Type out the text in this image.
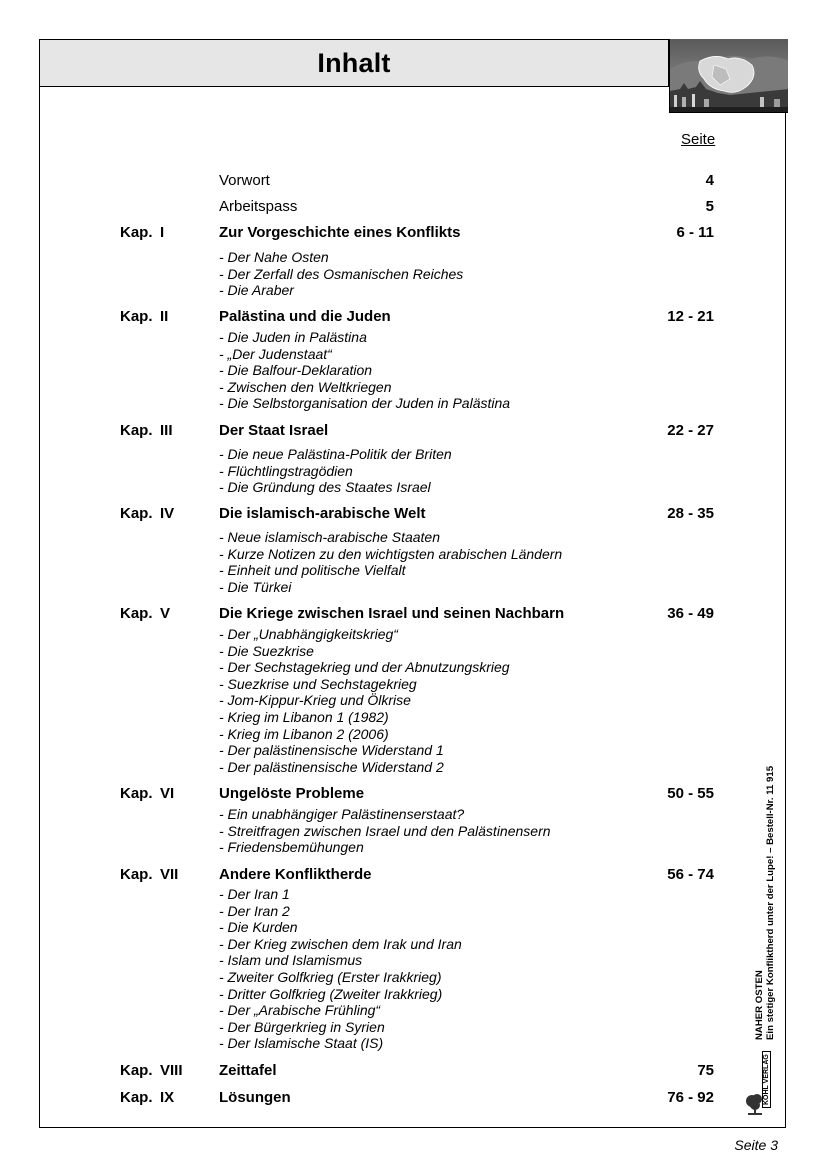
Inhalt
Seite
Vorwort	4
Arbeitspass	5
Kap. I	Zur Vorgeschichte eines Konflikts	6 - 11
- Der Nahe Osten
- Der Zerfall des Osmanischen Reiches
- Die Araber
Kap. II	Palästina und die Juden	12 - 21
- Die Juden in Palästina
- „Der Judenstaat“
- Die Balfour-Deklaration
- Zwischen den Weltkriegen
- Die Selbstorganisation der Juden in Palästina
Kap. III	Der Staat Israel	22 - 27
- Die neue Palästina-Politik der Briten
- Flüchtlingstragödien
- Die Gründung des Staates Israel
Kap. IV	Die islamisch-arabische Welt	28 - 35
- Neue islamisch-arabische Staaten
- Kurze Notizen zu den wichtigsten arabischen Ländern
- Einheit und politische Vielfalt
- Die Türkei
Kap. V	Die Kriege zwischen Israel und seinen Nachbarn	36 - 49
- Der „Unabhängigkeitskrieg“
- Die Suezkrise
- Der Sechstagekrieg und der Abnutzungskrieg
- Suezkrise und Sechstagekrieg
- Jom-Kippur-Krieg und Ölkrise
- Krieg im Libanon 1 (1982)
- Krieg im Libanon 2 (2006)
- Der palästinensische Widerstand 1
- Der palästinensische Widerstand 2
Kap. VI	Ungelöste Probleme	50 - 55
- Ein unabhängiger Palästinenserstaat?
- Streitfragen zwischen Israel und den Palästinensern
- Friedensbemühungen
Kap. VII	Andere Konfliktherde	56 - 74
- Der Iran 1
- Der Iran 2
- Die Kurden
- Der Krieg zwischen dem Irak und Iran
- Islam und Islamismus
- Zweiter Golfkrieg (Erster Irakkrieg)
- Dritter Golfkrieg (Zweiter Irakkrieg)
- Der „Arabische Frühling“
- Der Bürgerkrieg in Syrien
- Der Islamische Staat (IS)
Kap. VIII Zeittafel	75
Kap. IX	Lösungen	76 - 92
NAHER OSTEN Ein stetiger Konfliktherd unter der Lupe! – Bestell-Nr. 11 915
KOHL VERLAG
Seite 3
